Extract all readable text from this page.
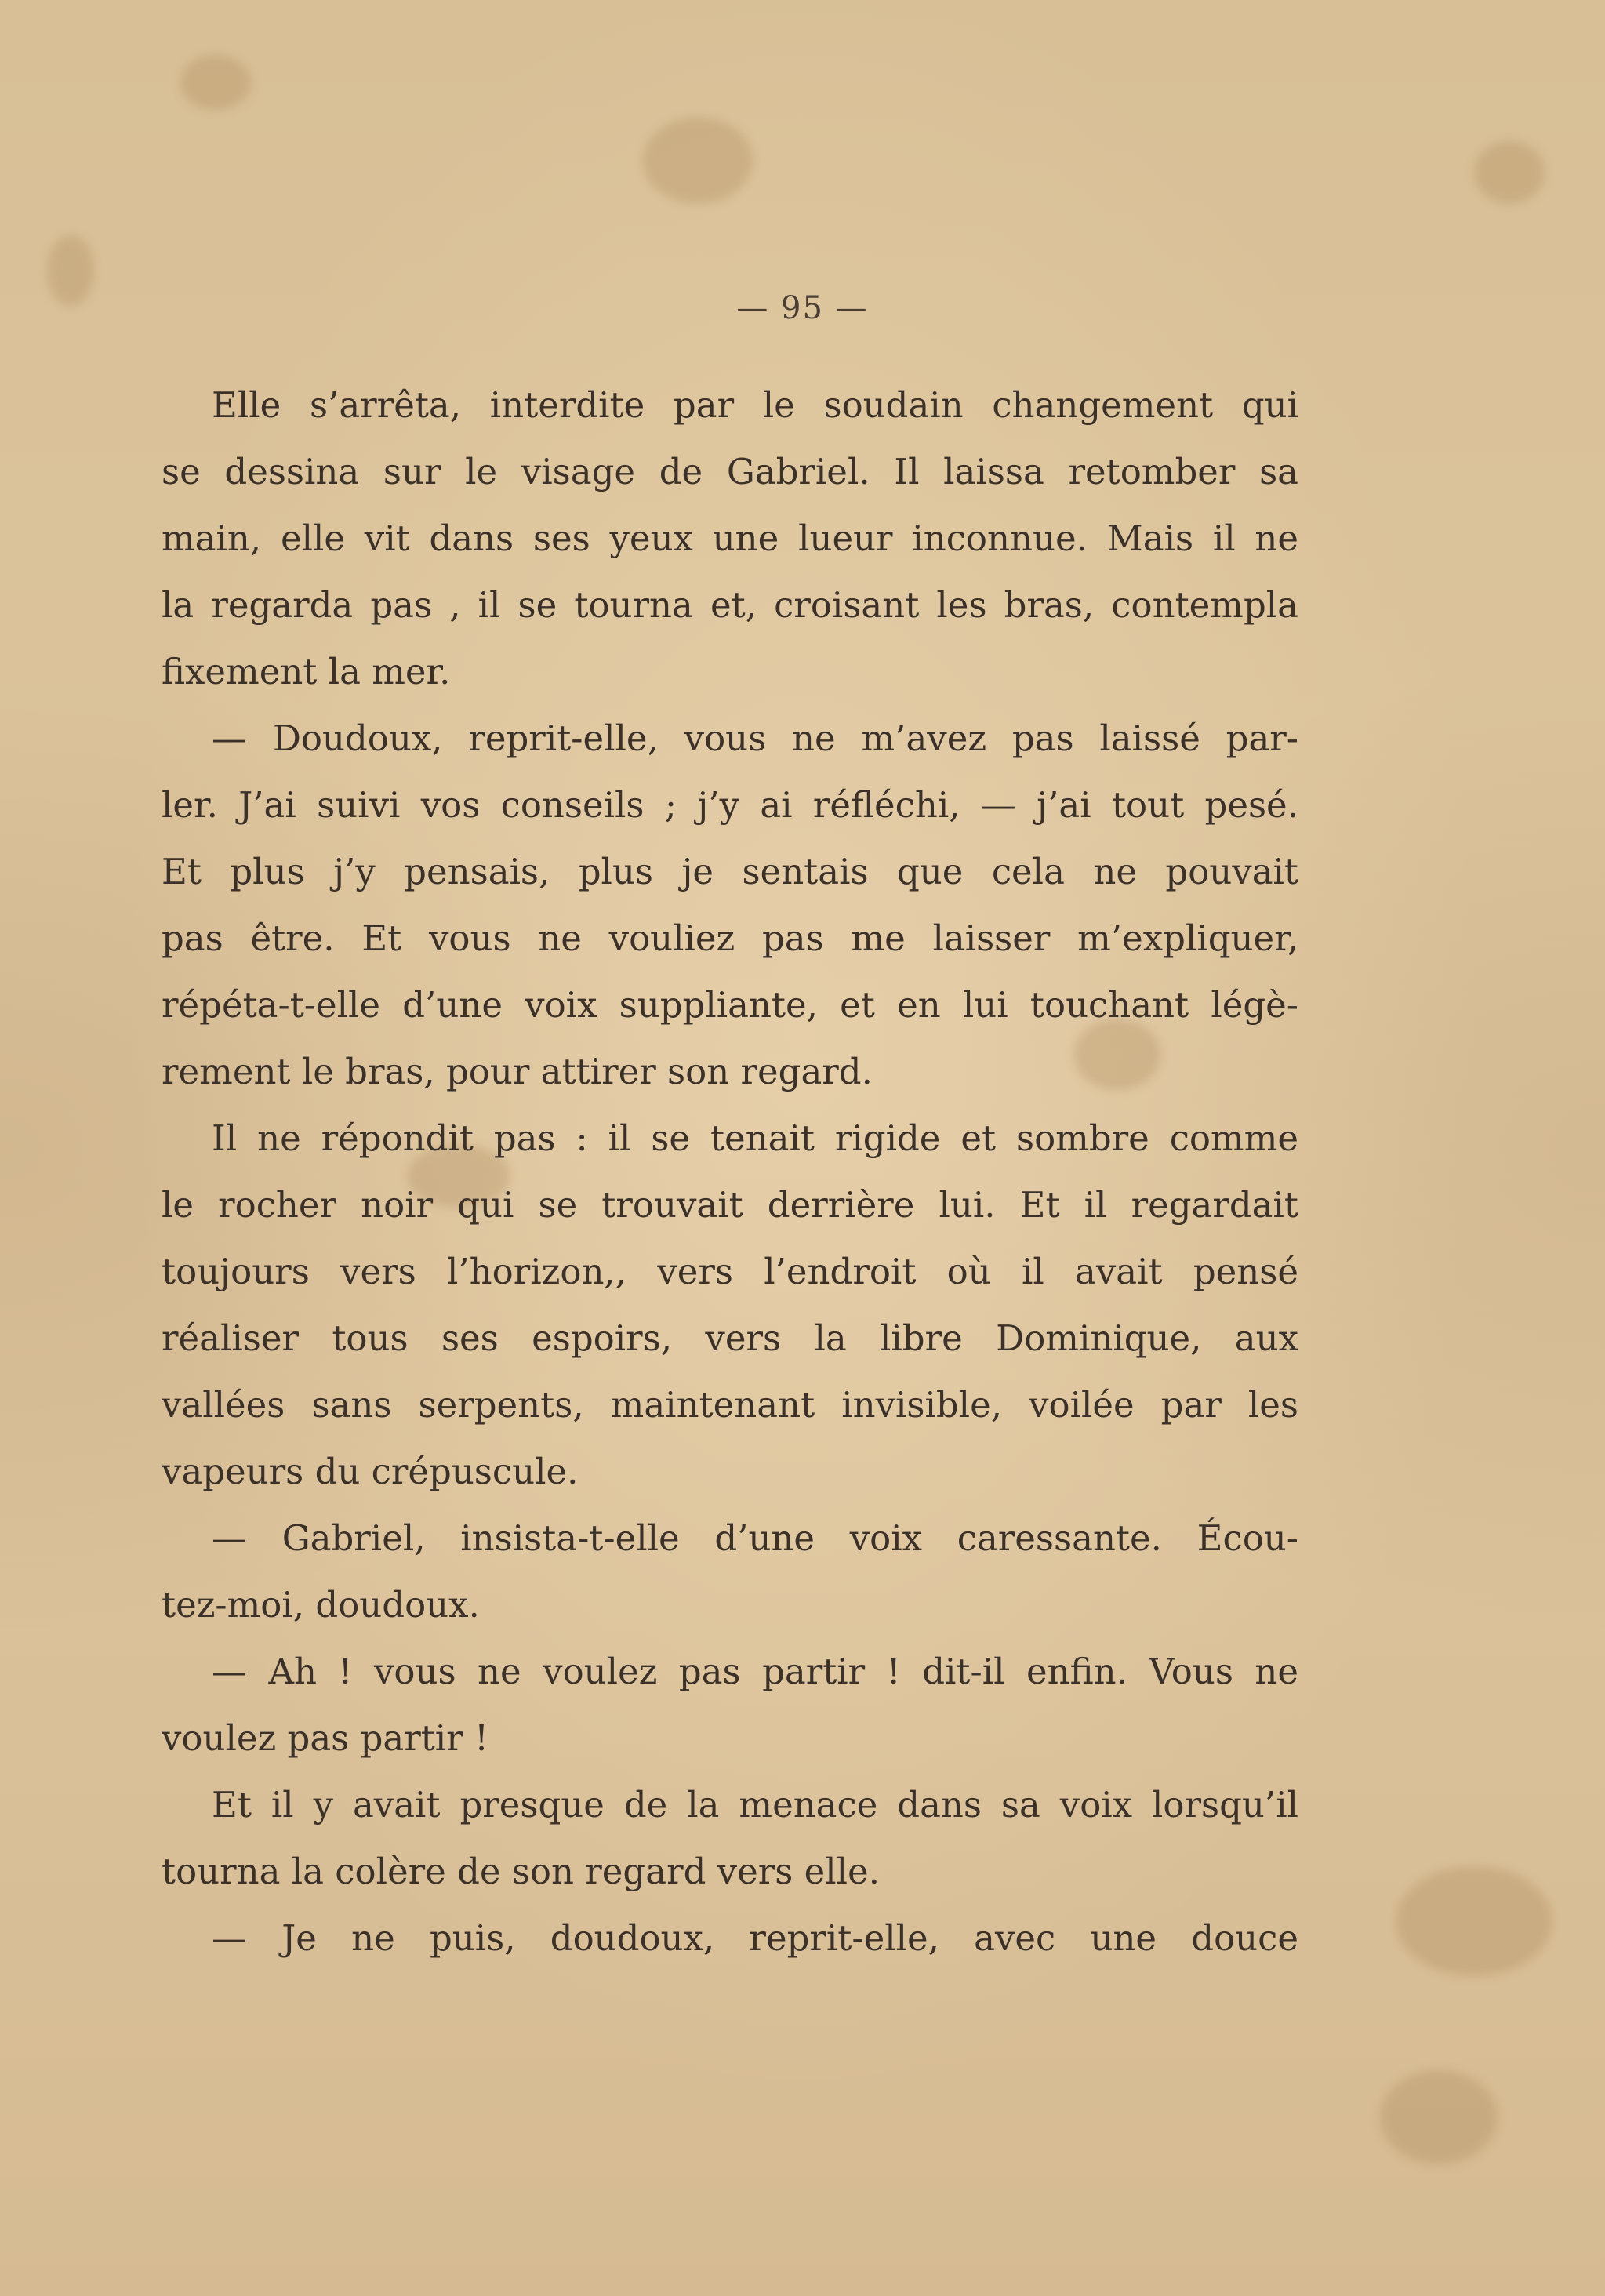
— 95 —
Elle s’arrêta, interdite par le soudain changement qui
se dessina sur le visage de Gabriel. Il laissa retomber sa
main, elle vit dans ses yeux une lueur inconnue. Mais il ne
la regarda pas , il se tourna et, croisant les bras, contempla
fixement la mer.
— Doudoux, reprit-elle, vous ne m’avez pas laissé par-
ler. J’ai suivi vos conseils ; j’y ai réfléchi, — j’ai tout pesé.
Et plus j’y pensais, plus je sentais que cela ne pouvait
pas être. Et vous ne vouliez pas me laisser m’expliquer,
répéta-t-elle d’une voix suppliante, et en lui touchant légè-
rement le bras, pour attirer son regard.
Il ne répondit pas : il se tenait rigide et sombre comme
le rocher noir qui se trouvait derrière lui. Et il regardait
toujours vers l’horizon,, vers l’endroit où il avait pensé
réaliser tous ses espoirs, vers la libre Dominique, aux
vallées sans serpents, maintenant invisible, voilée par les
vapeurs du crépuscule.
— Gabriel, insista-t-elle d’une voix caressante. Écou-
tez-moi, doudoux.
— Ah ! vous ne voulez pas partir ! dit-il enfin. Vous ne
voulez pas partir !
Et il y avait presque de la menace dans sa voix lorsqu’il
tourna la colère de son regard vers elle.
— Je ne puis, doudoux, reprit-elle, avec une douce
